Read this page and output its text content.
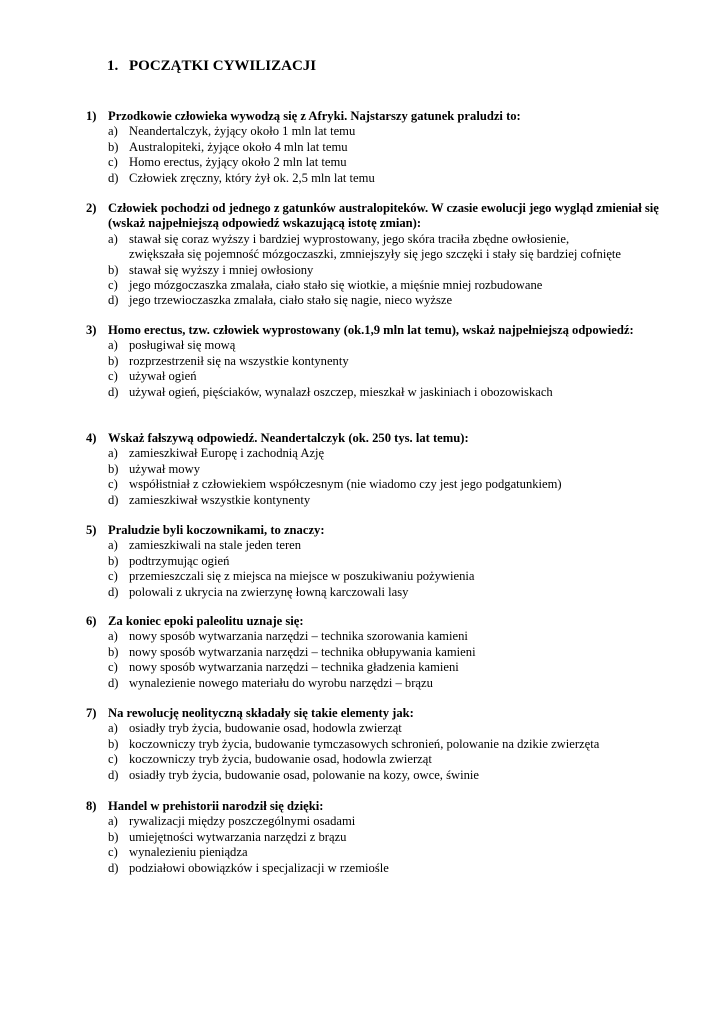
1. POCZĄTKI CYWILIZACJI
1) Przodkowie człowieka wywodzą się z Afryki. Najstarszy gatunek praludzi to:
a) Neandertalczyk, żyjący około 1 mln lat temu
b) Australopiteki, żyjące około 4 mln lat temu
c) Homo erectus, żyjący około 2 mln lat temu
d) Człowiek zręczny, który żył ok. 2,5 mln lat temu
2) Człowiek pochodzi od jednego z gatunków australopiteków. W czasie ewolucji jego wygląd zmieniał się (wskaż najpełniejszą odpowiedź wskazującą istotę zmian):
a) stawał się coraz wyższy i bardziej wyprostowany, jego skóra traciła zbędne owłosienie,
zwiększała się pojemność mózgoczaszki, zmniejszyły się jego szczęki i stały się bardziej cofnięte
b) stawał się wyższy i mniej owłosiony
c) jego mózgoczaszka zmalała, ciało stało się wiotkie, a mięśnie mniej rozbudowane
d) jego trzewioczaszka zmalała, ciało stało się nagie, nieco wyższe
3) Homo erectus, tzw. człowiek wyprostowany (ok.1,9 mln lat temu), wskaż najpełniejszą odpowiedź:
a) posługiwał się mową
b) rozprzestrzenił się na wszystkie kontynenty
c) używał ogień
d) używał ogień, pięściaków, wynalazł oszczep, mieszkał w jaskiniach i obozowiskach
4) Wskaż fałszywą odpowiedź. Neandertalczyk (ok. 250 tys. lat temu):
a) zamieszkiwał Europę i zachodnią Azję
b) używał mowy
c) współistniał z człowiekiem współczesnym (nie wiadomo czy jest jego podgatunkiem)
d) zamieszkiwał wszystkie kontynenty
5) Praludzie byli koczownikami, to znaczy:
a) zamieszkiwali na stale jeden teren
b) podtrzymując ogień
c) przemieszczali się z miejsca na miejsce w poszukiwaniu pożywienia
d) polowali z ukrycia na zwierzynę łowną karczowali lasy
6) Za koniec epoki paleolitu uznaje się:
a) nowy sposób wytwarzania narzędzi – technika szorowania kamieni
b) nowy sposób wytwarzania narzędzi – technika obłupywania kamieni
c) nowy sposób wytwarzania narzędzi – technika gładzenia kamieni
d) wynalezienie nowego materiału do wyrobu narzędzi – brązu
7) Na rewolucję neolityczną składały się takie elementy jak:
a) osiadły tryb życia, budowanie osad, hodowla zwierząt
b) koczowniczy tryb życia, budowanie tymczasowych schronień, polowanie na dzikie zwierzęta
c) koczowniczy tryb życia, budowanie osad, hodowla zwierząt
d) osiadły tryb życia, budowanie osad, polowanie na kozy, owce, świnie
8) Handel w prehistorii narodził się dzięki:
a) rywalizacji między poszczególnymi osadami
b) umiejętności wytwarzania narzędzi z brązu
c) wynalezieniu pieniądza
d) podziałowi obowiązków i specjalizacji w rzemiośle
